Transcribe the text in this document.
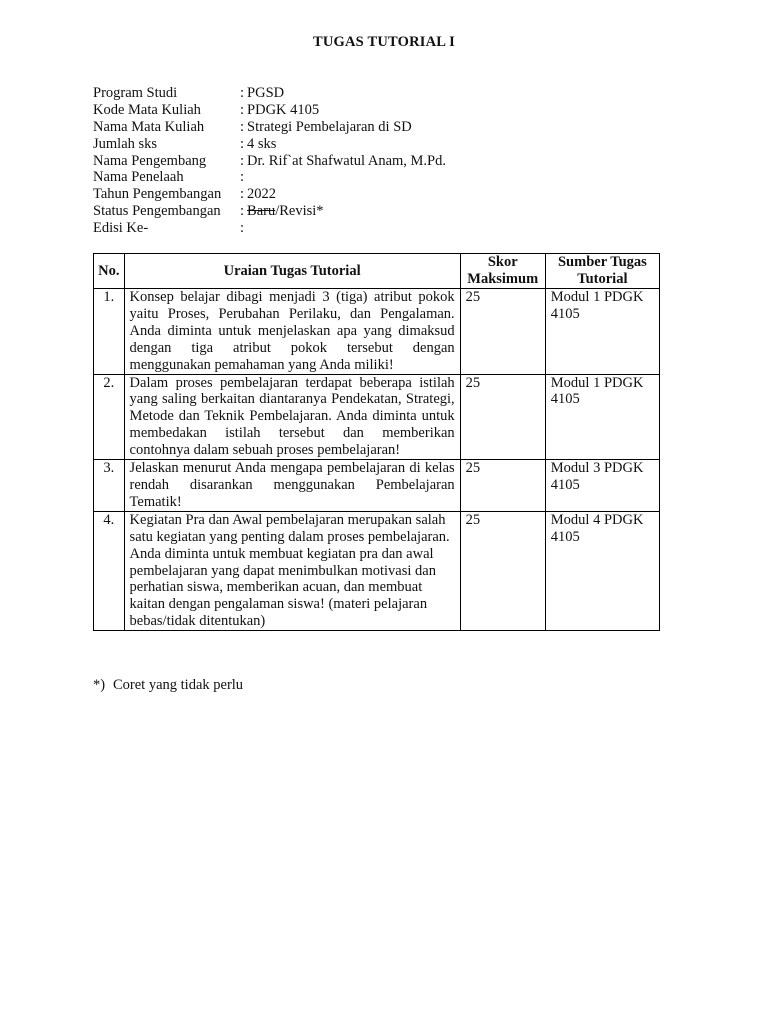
TUGAS TUTORIAL I
Program Studi	: PGSD
Kode Mata Kuliah	: PDGK 4105
Nama Mata Kuliah	: Strategi Pembelajaran di SD
Jumlah sks	: 4 sks
Nama Pengembang	: Dr. Rif`at Shafwatul Anam, M.Pd.
Nama Penelaah	:
Tahun Pengembangan	: 2022
Status Pengembangan	: Baru/Revisi*
Edisi Ke-	:
No.	Uraian Tugas Tutorial	Skor Maksimum	Sumber Tugas Tutorial
1.	Konsep belajar dibagi menjadi 3 (tiga) atribut pokok yaitu Proses, Perubahan Perilaku, dan Pengalaman. Anda diminta untuk menjelaskan apa yang dimaksud dengan tiga atribut pokok tersebut dengan menggunakan pemahaman yang Anda miliki!	25	Modul 1 PDGK 4105
2.	Dalam proses pembelajaran terdapat beberapa istilah yang saling berkaitan diantaranya Pendekatan, Strategi, Metode dan Teknik Pembelajaran. Anda diminta untuk membedakan istilah tersebut dan memberikan contohnya dalam sebuah proses pembelajaran!	25	Modul 1 PDGK 4105
3.	Jelaskan menurut Anda mengapa pembelajaran di kelas rendah disarankan menggunakan Pembelajaran Tematik!	25	Modul 3 PDGK 4105
4.	Kegiatan Pra dan Awal pembelajaran merupakan salah satu kegiatan yang penting dalam proses pembelajaran. Anda diminta untuk membuat kegiatan pra dan awal pembelajaran yang dapat menimbulkan motivasi dan perhatian siswa, memberikan acuan, dan membuat kaitan dengan pengalaman siswa! (materi pelajaran bebas/tidak ditentukan)	25	Modul 4 PDGK 4105
*) Coret yang tidak perlu
